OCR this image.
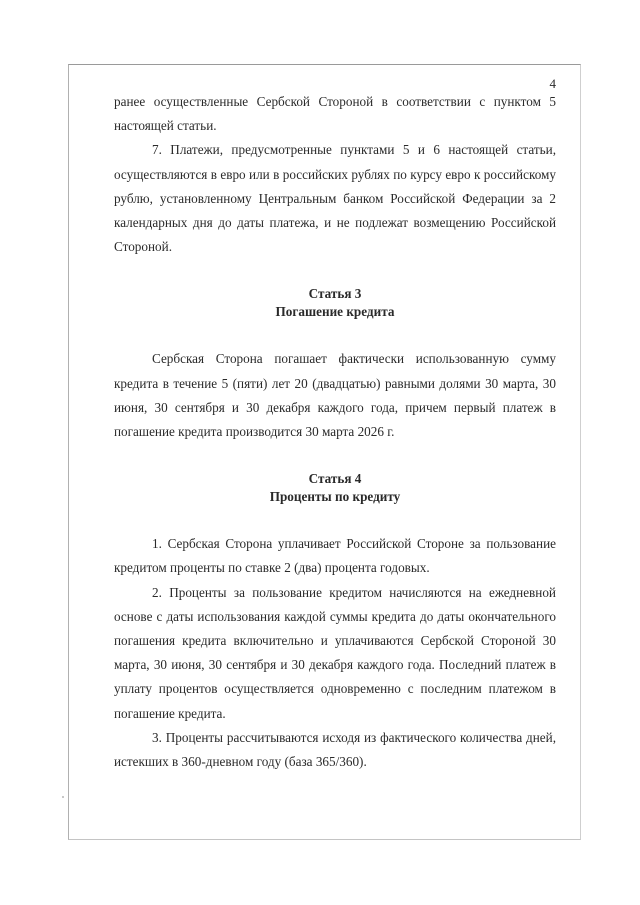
4

ранее осуществленные Сербской Стороной в соответствии с пунктом 5 настоящей статьи.

7. Платежи, предусмотренные пунктами 5 и 6 настоящей статьи, осуществляются в евро или в российских рублях по курсу евро к российскому рублю, установленному Центральным банком Российской Федерации за 2 календарных дня до даты платежа, и не подлежат возмещению Российской Стороной.

Статья 3
Погашение кредита

Сербская Сторона погашает фактически использованную сумму кредита в течение 5 (пяти) лет 20 (двадцатью) равными долями 30 марта, 30 июня, 30 сентября и 30 декабря каждого года, причем первый платеж в погашение кредита производится 30 марта 2026 г.

Статья 4
Проценты по кредиту

1. Сербская Сторона уплачивает Российской Стороне за пользование кредитом проценты по ставке 2 (два) процента годовых.

2. Проценты за пользование кредитом начисляются на ежедневной основе с даты использования каждой суммы кредита до даты окончательного погашения кредита включительно и уплачиваются Сербской Стороной 30 марта, 30 июня, 30 сентября и 30 декабря каждого года. Последний платеж в уплату процентов осуществляется одновременно с последним платежом в погашение кредита.

3. Проценты рассчитываются исходя из фактического количества дней, истекших в 360-дневном году (база 365/360).
